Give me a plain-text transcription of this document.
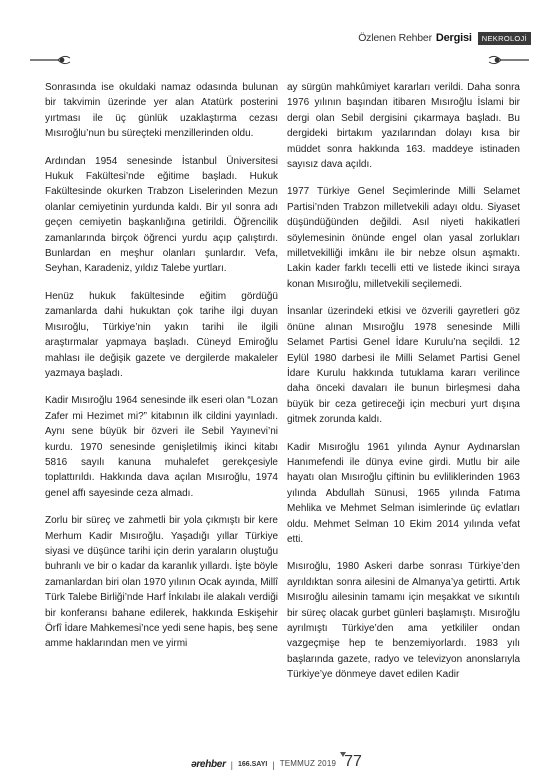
Özlenen Rehber Dergisi	NEKROLOJİ

Sonrasında ise okuldaki namaz odasında bulunan bir takvimin üzerinde yer alan Atatürk posterini yırtması ile üç günlük uzaklaştırma cezası Mısıroğlu’nun bu süreçteki menzillerinden oldu.

Ardından 1954 senesinde İstanbul Üniversitesi Hukuk Fakültesi’nde eğitime başladı. Hukuk Fakültesinde okurken Trabzon Liselerinden Mezun olanlar cemiyetinin yurdunda kaldı. Bir yıl sonra adı geçen cemiyetin başkanlığına getirildi. Öğrencilik zamanlarında birçok öğrenci yurdu açıp çalıştırdı. Bunlardan en meşhur olanları şunlardır. Vefa, Seyhan, Karadeniz, yıldız Talebe yurtları.

Henüz hukuk fakültesinde eğitim gördüğü zamanlarda dahi hukuktan çok tarihe ilgi duyan Mısıroğlu, Türkiye’nin yakın tarihi ile ilgili araştırmalar yapmaya başladı. Cüneyd Emiroğlu mahlası ile değişik gazete ve dergilerde makaleler yazmaya başladı.

Kadir Mısıroğlu 1964 senesinde ilk eseri olan “Lozan Zafer mi Hezimet mi?” kitabının ilk cildini yayınladı. Aynı sene büyük bir özveri ile Sebil Yayınevi’ni kurdu. 1970 senesinde genişletilmiş ikinci kitabı 5816 sayılı kanuna muhalefet gerekçesiyle toplattırıldı. Hakkında dava açılan Mısıroğlu, 1974 genel affı sayesinde ceza almadı.

Zorlu bir süreç ve zahmetli bir yola çıkmıştı bir kere Merhum Kadir Mısıroğlu. Yaşadığı yıllar Türkiye siyasi ve düşünce tarihi için derin yaraların oluştuğu buhranlı ve bir o kadar da karanlık yıllardı. İşte böyle zamanlardan biri olan 1970 yılının Ocak ayında, Millî Türk Talebe Birliği’nde Harf İnkılabı ile alakalı verdiği bir konferansı bahane edilerek, hakkında Eskişehir Örfî İdare Mahkemesi’nce yedi sene hapis, beş sene amme haklarından men ve yirmi

ay sürgün mahkûmiyet kararları verildi. Daha sonra 1976 yılının başından itibaren Mısıroğlu İslami bir dergi olan Sebil dergisini çıkarmaya başladı. Bu dergideki birtakım yazılarından dolayı kısa bir müddet sonra hakkında 163. maddeye istinaden sayısız dava açıldı.

1977 Türkiye Genel Seçimlerinde Milli Selamet Partisi’nden Trabzon milletvekili adayı oldu. Siyaset düşündüğünden değildi. Asıl niyeti hakikatleri söylemesinin önünde engel olan yasal zorlukları milletvekilliği imkânı ile bir nebze olsun aşmaktı. Lakin kader farklı tecelli etti ve listede ikinci sıraya konan Mısıroğlu, milletvekili seçilemedi.

İnsanlar üzerindeki etkisi ve özverili gayretleri göz önüne alınan Mısıroğlu 1978 senesinde Milli Selamet Partisi Genel İdare Kurulu’na seçildi. 12 Eylül 1980 darbesi ile Milli Selamet Partisi Genel İdare Kurulu hakkında tutuklama kararı verilince daha önceki davaları ile bunun birleşmesi daha büyük bir ceza getireceği için mecburi yurt dışına gitmek zorunda kaldı.

Kadir Mısıroğlu 1961 yılında Aynur Aydınarslan Hanımefendi ile dünya evine girdi. Mutlu bir aile hayatı olan Mısıroğlu çiftinin bu evliliklerinden 1963 yılında Abdullah Sünusi, 1965 yılında Fatıma Mehlika ve Mehmet Selman isimlerinde üç evlatları oldu. Mehmet Selman 10 Ekim 2014 yılında vefat etti.

Mısıroğlu, 1980 Askeri darbe sonrası Türkiye’den ayrıldıktan sonra ailesini de Almanya’ya getirtti. Artık Mısıroğlu ailesinin tamamı için meşakkat ve sıkıntılı bir süreç olacak gurbet günleri başlamıştı. Mısıroğlu ayrılmıştı Türkiye’den ama yetkililer ondan vazgeçmişe hep te benzemiyorlardı. 1983 yılı başlarında gazete, radyo ve televizyon anonslarıyla Türkiye’ye dönmeye davet edilen Kadir

ərehber | 166.SAYI | TEMMUZ 2019 77
